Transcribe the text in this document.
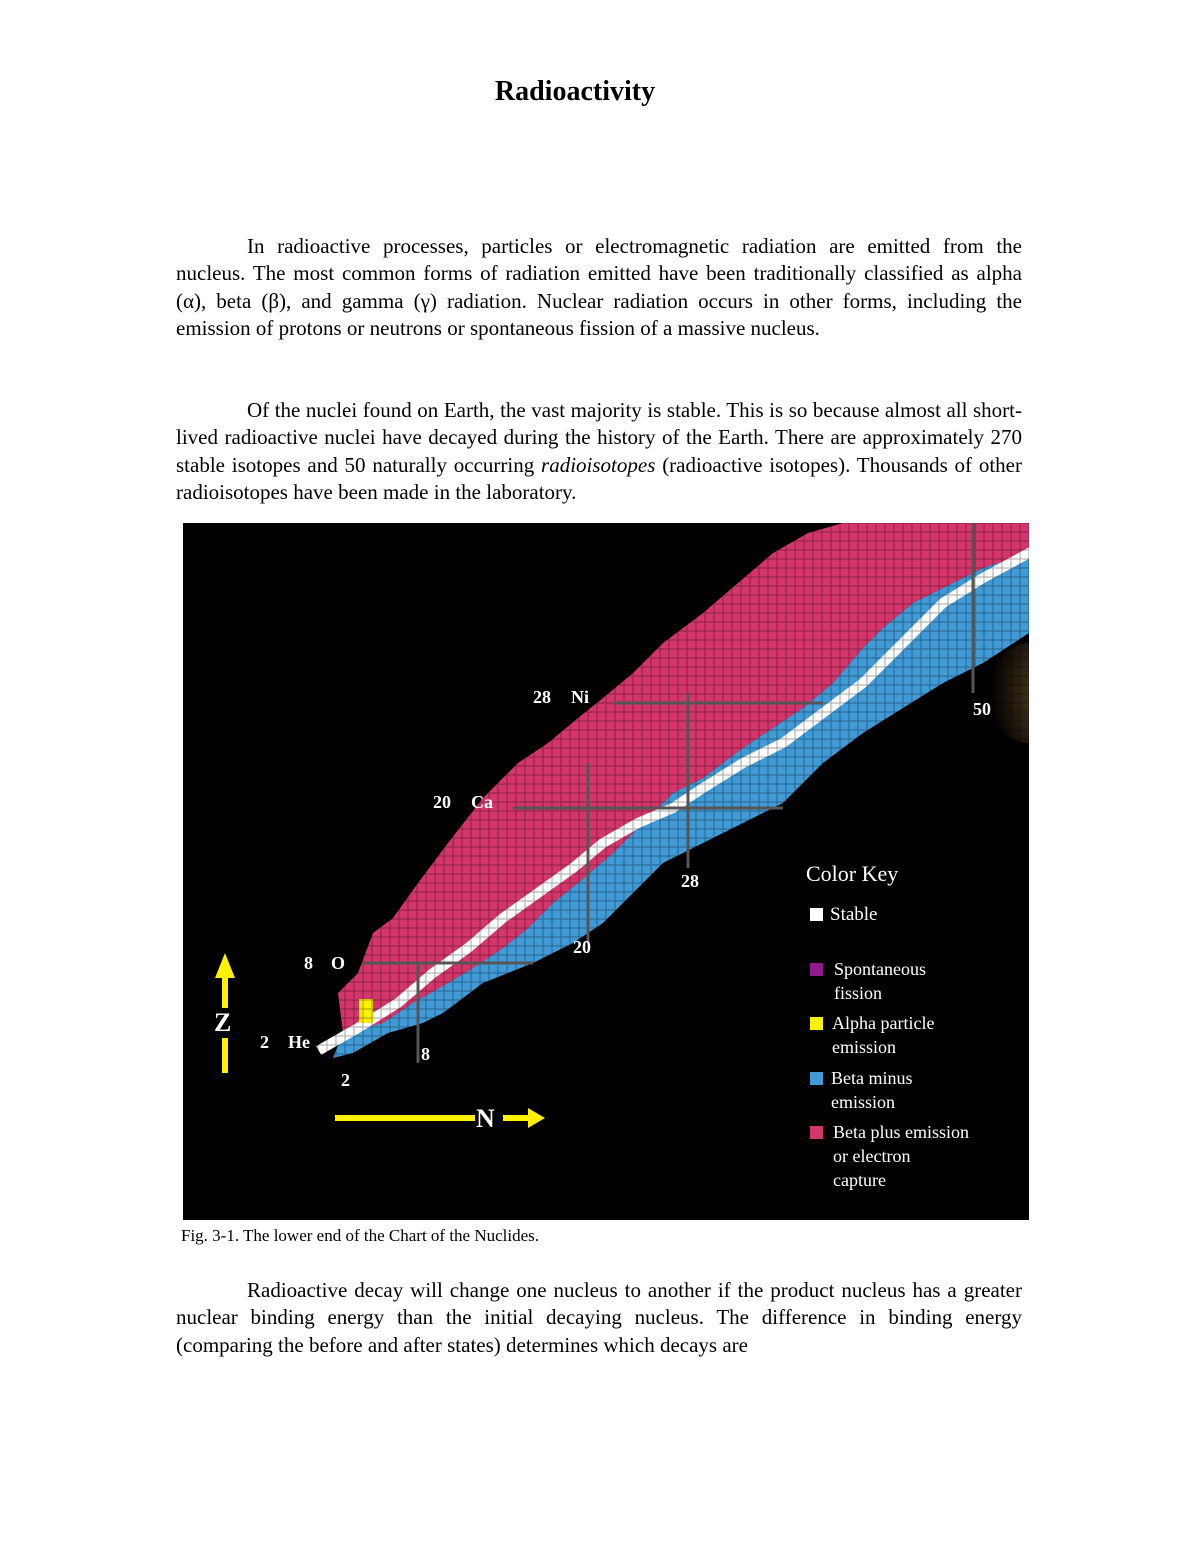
Radioactivity

In radioactive processes, particles or electromagnetic radiation are emitted from the nucleus. The most common forms of radiation emitted have been traditionally classified as alpha (α), beta (β), and gamma (γ) radiation. Nuclear radiation occurs in other forms, including the emission of protons or neutrons or spontaneous fission of a massive nucleus.

Of the nuclei found on Earth, the vast majority is stable. This is so because almost all short-lived radioactive nuclei have decayed during the history of the Earth. There are approximately 270 stable isotopes and 50 naturally occurring radioisotopes (radioactive isotopes). Thousands of other radioisotopes have been made in the laboratory.

2 He
8 O
20 Ca
28 Ni
2
8
20
28
50
Z
N
Color Key
Stable
Spontaneous fission
Alpha particle emission
Beta minus emission
Beta plus emission or electron capture
Fig. 3-1. The lower end of the Chart of the Nuclides.

Radioactive decay will change one nucleus to another if the product nucleus has a greater nuclear binding energy than the initial decaying nucleus. The difference in binding energy (comparing the before and after states) determines which decays are
